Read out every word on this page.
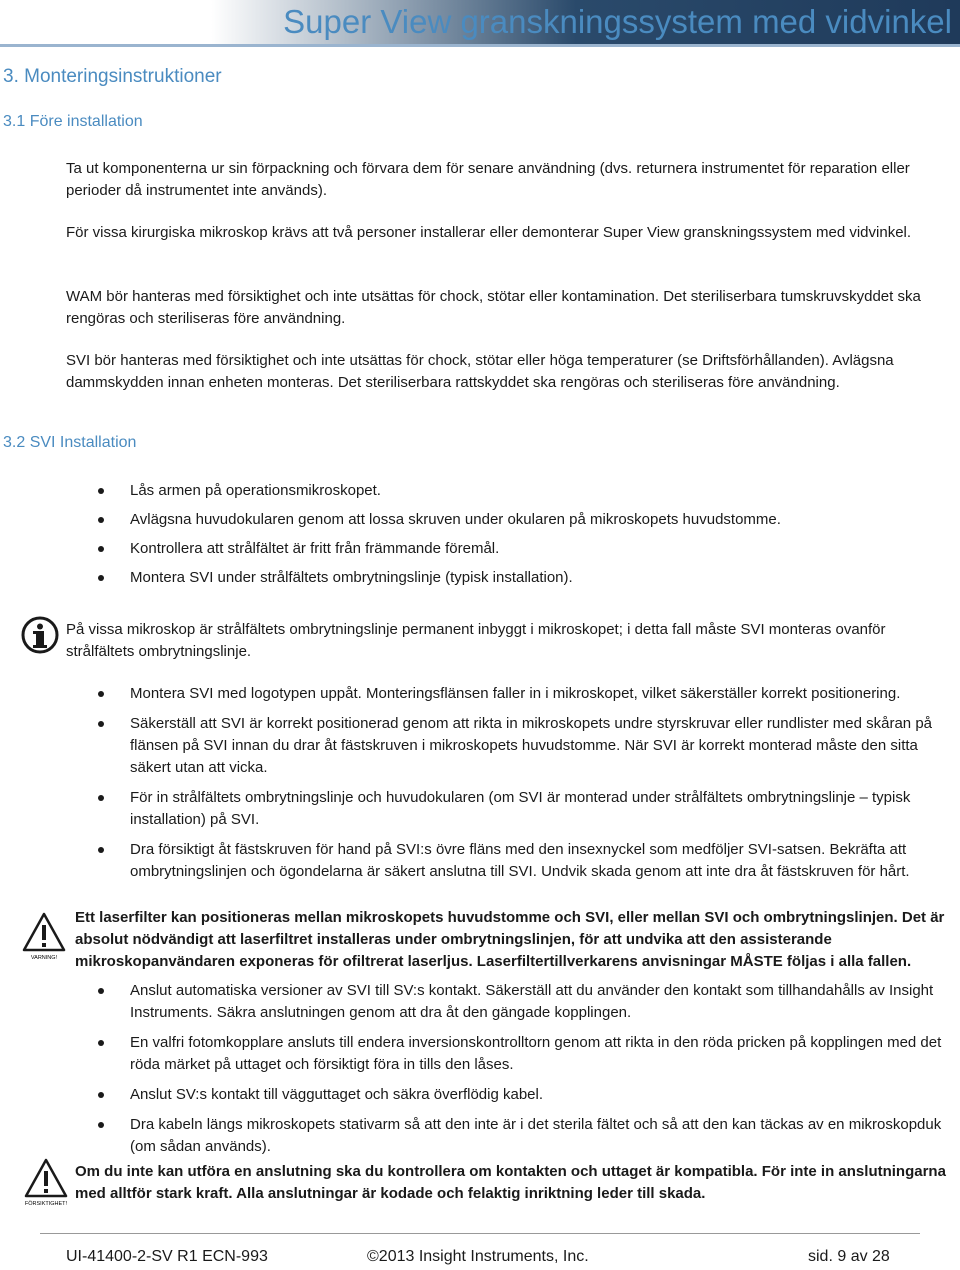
Super View granskningssystem med vidvinkel
3. Monteringsinstruktioner
3.1 Före installation
Ta ut komponenterna ur sin förpackning och förvara dem för senare användning (dvs. returnera instrumentet för reparation eller perioder då instrumentet inte används).
För vissa kirurgiska mikroskop krävs att två personer installerar eller demonterar Super View granskningssystem med vidvinkel.
WAM bör hanteras med försiktighet och inte utsättas för chock, stötar eller kontamination. Det steriliserbara tumskruvskyddet ska rengöras och steriliseras före användning.
SVI bör hanteras med försiktighet och inte utsättas för chock, stötar eller höga temperaturer (se Driftsförhållanden). Avlägsna dammskydden innan enheten monteras. Det steriliserbara rattskyddet ska rengöras och steriliseras före användning.
3.2 SVI Installation
Lås armen på operationsmikroskopet.
Avlägsna huvudokularen genom att lossa skruven under okularen på mikroskopets huvudstomme.
Kontrollera att strålfältet är fritt från främmande föremål.
Montera SVI under strålfältets ombrytningslinje (typisk installation).
På vissa mikroskop är strålfältets ombrytningslinje permanent inbyggt i mikroskopet; i detta fall måste SVI monteras ovanför strålfältets ombrytningslinje.
Montera SVI med logotypen uppåt. Monteringsflänsen faller in i mikroskopet, vilket säkerställer korrekt positionering.
Säkerställ att SVI är korrekt positionerad genom att rikta in mikroskopets undre styrskruvar eller rundlister med skåran på flänsen på SVI innan du drar åt fästskruven i mikroskopets huvudstomme. När SVI är korrekt monterad måste den sitta säkert utan att vicka.
För in strålfältets ombrytningslinje och huvudokularen (om SVI är monterad under strålfältets ombrytningslinje – typisk installation) på SVI.
Dra försiktigt åt fästskruven för hand på SVI:s övre fläns med den insexnyckel som medföljer SVI-satsen. Bekräfta att ombrytningslinjen och ögondelarna är säkert anslutna till SVI. Undvik skada genom att inte dra åt fästskruven för hårt.
VARNING!
Ett laserfilter kan positioneras mellan mikroskopets huvudstomme och SVI, eller mellan SVI och ombrytningslinjen. Det är absolut nödvändigt att laserfiltret installeras under ombrytningslinjen, för att undvika att den assisterande mikroskopanvändaren exponeras för ofiltrerat laserljus. Laserfiltertillverkarens anvisningar MÅSTE följas i alla fallen.
Anslut automatiska versioner av SVI till SV:s kontakt. Säkerställ att du använder den kontakt som tillhandahålls av Insight Instruments. Säkra anslutningen genom att dra åt den gängade kopplingen.
En valfri fotomkopplare ansluts till endera inversionskontrolltorn genom att rikta in den röda pricken på kopplingen med det röda märket på uttaget och försiktigt föra in tills den låses.
Anslut SV:s kontakt till vägguttaget och säkra överflödig kabel.
Dra kabeln längs mikroskopets stativarm så att den inte är i det sterila fältet och så att den kan täckas av en mikroskopduk (om sådan används).
FÖRSIKTIGHET!
Om du inte kan utföra en anslutning ska du kontrollera om kontakten och uttaget är kompatibla. För inte in anslutningarna med alltför stark kraft. Alla anslutningar är kodade och felaktig inriktning leder till skada.
UI-41400-2-SV R1 ECN-993	©2013 Insight Instruments, Inc.	sid. 9 av 28
